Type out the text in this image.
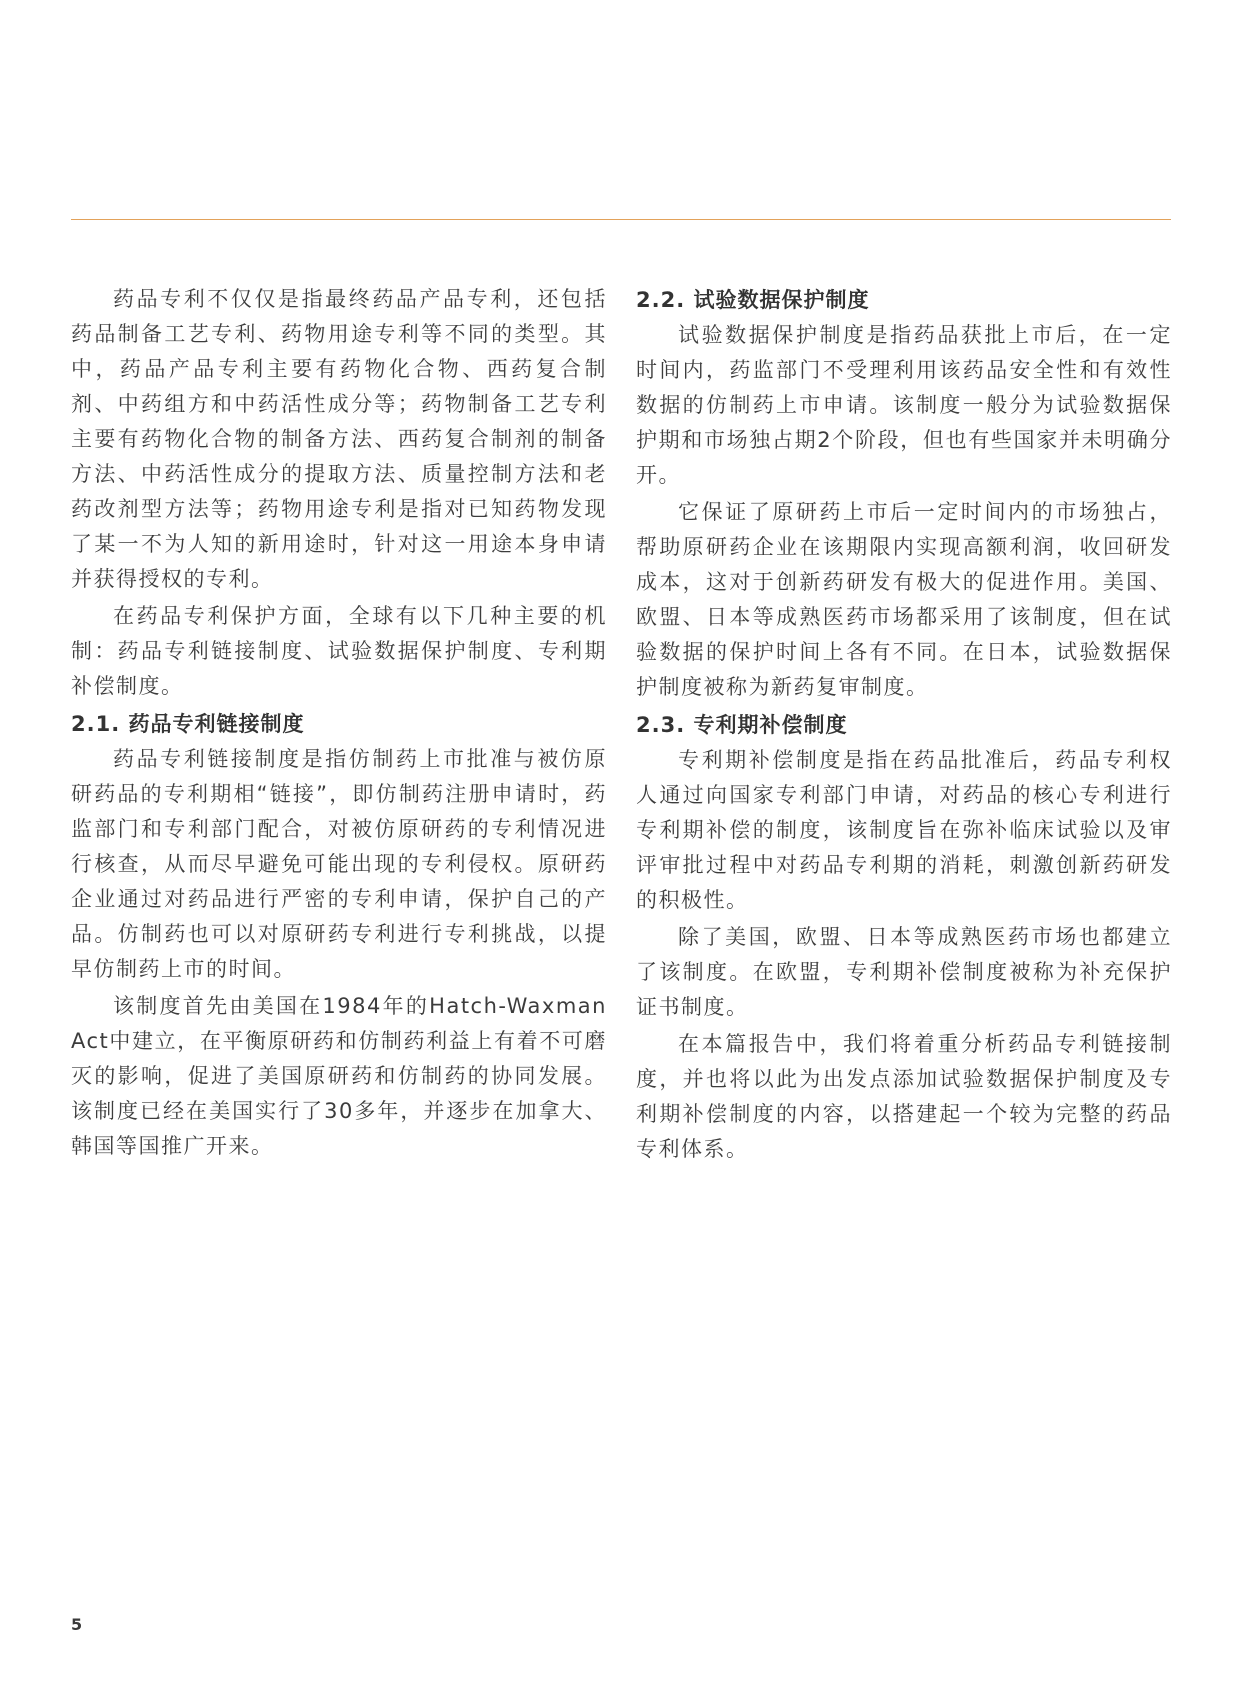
药品专利不仅仅是指最终药品产品专利，还包括药品制备工艺专利、药物用途专利等不同的类型。其中，药品产品专利主要有药物化合物、西药复合制剂、中药组方和中药活性成分等；药物制备工艺专利主要有药物化合物的制备方法、西药复合制剂的制备方法、中药活性成分的提取方法、质量控制方法和老药改剂型方法等；药物用途专利是指对已知药物发现了某一不为人知的新用途时，针对这一用途本身申请并获得授权的专利。

在药品专利保护方面，全球有以下几种主要的机制：药品专利链接制度、试验数据保护制度、专利期补偿制度。

2.1. 药品专利链接制度

药品专利链接制度是指仿制药上市批准与被仿原研药品的专利期相“链接”，即仿制药注册申请时，药监部门和专利部门配合，对被仿原研药的专利情况进行核查，从而尽早避免可能出现的专利侵权。原研药企业通过对药品进行严密的专利申请，保护自己的产品。仿制药也可以对原研药专利进行专利挑战，以提早仿制药上市的时间。

该制度首先由美国在1984年的Hatch-Waxman Act中建立，在平衡原研药和仿制药利益上有着不可磨灭的影响，促进了美国原研药和仿制药的协同发展。该制度已经在美国实行了30多年，并逐步在加拿大、韩国等国推广开来。

2.2. 试验数据保护制度

试验数据保护制度是指药品获批上市后，在一定时间内，药监部门不受理利用该药品安全性和有效性数据的仿制药上市申请。该制度一般分为试验数据保护期和市场独占期2个阶段，但也有些国家并未明确分开。

它保证了原研药上市后一定时间内的市场独占，帮助原研药企业在该期限内实现高额利润，收回研发成本，这对于创新药研发有极大的促进作用。美国、欧盟、日本等成熟医药市场都采用了该制度，但在试验数据的保护时间上各有不同。在日本，试验数据保护制度被称为新药复审制度。

2.3. 专利期补偿制度

专利期补偿制度是指在药品批准后，药品专利权人通过向国家专利部门申请，对药品的核心专利进行专利期补偿的制度，该制度旨在弥补临床试验以及审评审批过程中对药品专利期的消耗，刺激创新药研发的积极性。

除了美国，欧盟、日本等成熟医药市场也都建立了该制度。在欧盟，专利期补偿制度被称为补充保护证书制度。

在本篇报告中，我们将着重分析药品专利链接制度，并也将以此为出发点添加试验数据保护制度及专利期补偿制度的内容，以搭建起一个较为完整的药品专利体系。

5
